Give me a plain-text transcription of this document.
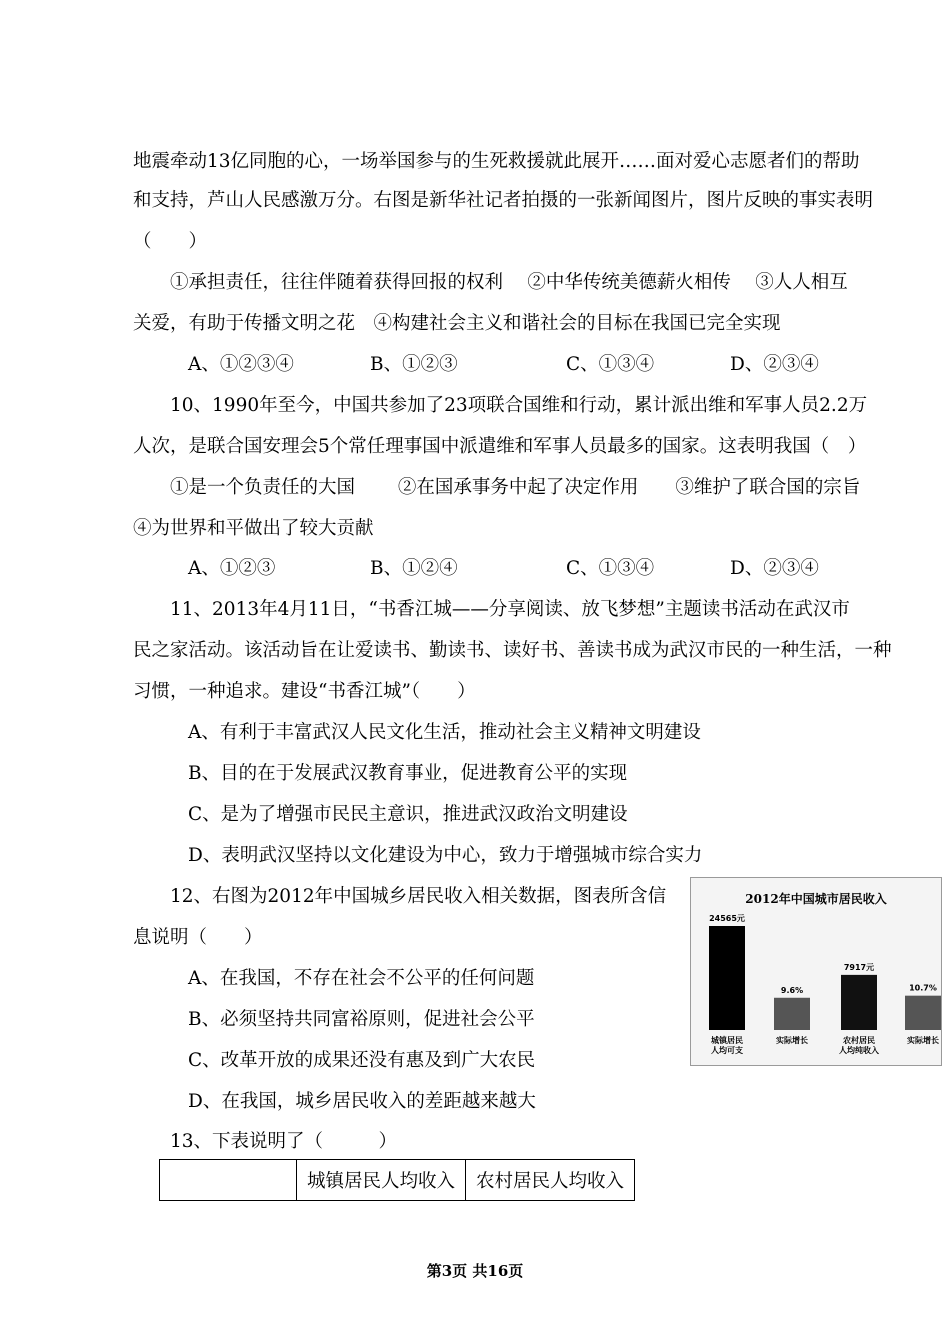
地震牵动13亿同胞的心，一场举国参与的生死救援就此展开……面对爱心志愿者们的帮助
和支持，芦山人民感激万分。右图是新华社记者拍摄的一张新闻图片，图片反映的事实表明
（　　）
①承担责任，往往伴随着获得回报的权利　 ②中华传统美德薪火相传　 ③人人相互
关爱，有助于传播文明之花　④构建社会主义和谐社会的目标在我国已完全实现
A、①②③④	B、①②③	C、①③④	D、②③④
10、1990年至今，中国共参加了23项联合国维和行动，累计派出维和军事人员2.2万
人次，是联合国安理会5个常任理事国中派遣维和军事人员最多的国家。这表明我国（　）
①是一个负责任的大国　　 ②在国承事务中起了决定作用　　③维护了联合国的宗旨
④为世界和平做出了较大贡献
A、①②③	B、①②④	C、①③④	D、②③④
11、2013年4月11日，“书香江城——分享阅读、放飞梦想”主题读书活动在武汉市
民之家活动。该活动旨在让爱读书、勤读书、读好书、善读书成为武汉市民的一种生活，一种
习惯，一种追求。建设“书香江城”（　　）
A、有利于丰富武汉人民文化生活，推动社会主义精神文明建设
B、目的在于发展武汉教育事业，促进教育公平的实现
C、是为了增强市民民主意识，推进武汉政治文明建设
D、表明武汉坚持以文化建设为中心，致力于增强城市综合实力
12、右图为2012年中国城乡居民收入相关数据，图表所含信
息说明（　　）
A、在我国，不存在社会不公平的任何问题
B、必须坚持共同富裕原则，促进社会公平
C、改革开放的成果还没有惠及到广大农民
D、在我国，城乡居民收入的差距越来越大
2012年中国城市居民收入
24565元
城镇居民
人均可支
9.6%
实际增长
7917元
农村居民
人均纯收入
10.7%
实际增长
13、下表说明了（　　　）
	城镇居民人均收入	农村居民人均收入
第3页 共16页
